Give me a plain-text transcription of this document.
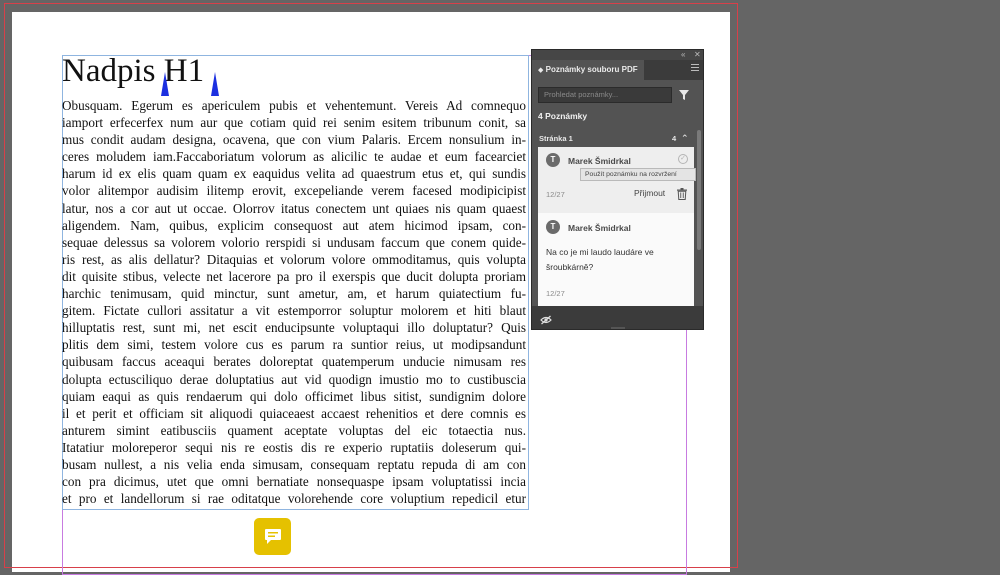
Nadpis H1

Obusquam. Egerum es apericulem pubis et vehentemunt. Vereis Ad comnequo

iamport erfecerfex num aur que cotiam quid rei senim esitem tribunum conit, sa

mus condit audam designa, ocavena, que con vium Palaris. Ercem nonsulium in-

ceres moludem iam.Faccaboriatum volorum as alicilic te audae et eum facearciet

harum id ex elis quam quam ex eaquidus velita ad quaestrum etus et, qui sundis

volor alitempor audisim ilitemp erovit, excepeliande verem facesed modipicipist

latur, nos a cor aut ut occae. Olorrov itatus conectem unt quiaes nis quam quaest

aligendem. Nam, quibus, explicim consequost aut atem hicimod ipsam, con-

sequae delessus sa volorem volorio rerspidi si undusam faccum que conem quide-

ris rest, as alis dellatur? Ditaquias et volorum volore ommoditamus, quis volupta

dit quisite stibus, velecte net lacerore pa pro il exerspis que ducit dolupta proriam

harchic tenimusam, quid minctur, sunt ametur, am, et harum quiatectium fu-

gitem. Fictate cullori assitatur a vit estemporror soluptur molorem et hiti blaut

hilluptatis rest, sunt mi, net escit enducipsunte voluptaqui illo doluptatur? Quis

plitis dem simi, testem volore cus es parum ra suntior reius, ut modipsandunt

quibusam faccus aceaqui berates doloreptat quatemperum unducie nimusam res

dolupta ectusciliquo derae doluptatius aut vid quodign imustio mo to custibuscia

quiam eaqui as quis rendaerum qui dolo officimet libus sitist, sundignim dolore

il et perit et officiam sit aliquodi quiaceaest accaest rehenitios et dere comnis es

anturem simint eatibusciis quament aceptate voluptas del eic totaectia nus.

Itatatiur moloreperor sequi nis re eostis dis re experio ruptatiis doleserum qui-

busam nullest, a nis velia enda simusam, consequam reptatu repuda di am con

con pra dicimus, utet que omni bernatiate nonsequaspe ipsam voluptatissi incia

et pro et landellorum si rae oditatque volorehende core voluptium repedicil etur

« ✕
◆ Poznámky souboru PDF
Prohledat poznámky...
4 Poznámky
Stránka 1	4 ⌃
T	Marek Šmidrkal	✓
Použít poznámku na rozvržení
12/27	Přijmout
T	Marek Šmidrkal
Na co je mi laudo laudáre ve šroubkárně?
12/27
